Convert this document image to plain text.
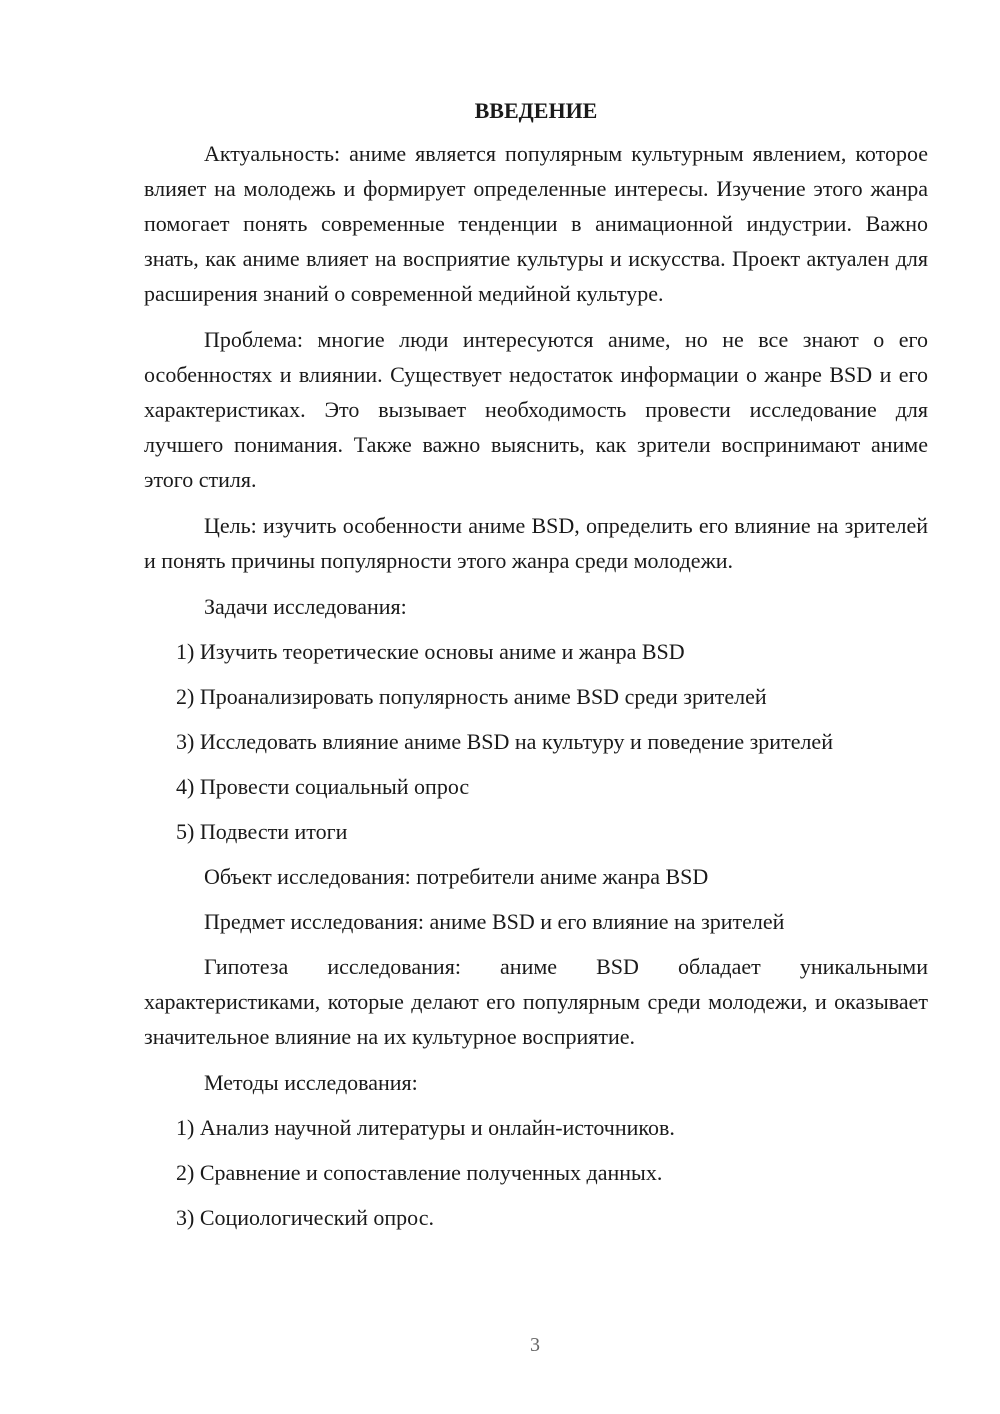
ВВЕДЕНИЕ

Актуальность: аниме является популярным культурным явлением, которое влияет на молодежь и формирует определенные интересы. Изучение этого жанра помогает понять современные тенденции в анимационной индустрии. Важно знать, как аниме влияет на восприятие культуры и искусства. Проект актуален для расширения знаний о современной медийной культуре.

Проблема: многие люди интересуются аниме, но не все знают о его особенностях и влиянии. Существует недостаток информации о жанре BSD и его характеристиках. Это вызывает необходимость провести исследование для лучшего понимания. Также важно выяснить, как зрители воспринимают аниме этого стиля.

Цель: изучить особенности аниме BSD, определить его влияние на зрителей и понять причины популярности этого жанра среди молодежи.

Задачи исследования:
1) Изучить теоретические основы аниме и жанра BSD
2) Проанализировать популярность аниме BSD среди зрителей
3) Исследовать влияние аниме BSD на культуру и поведение зрителей
4) Провести социальный опрос
5) Подвести итоги
Объект исследования: потребители аниме жанра BSD
Предмет исследования: аниме BSD и его влияние на зрителей

Гипотеза исследования: аниме BSD обладает уникальными характеристиками, которые делают его популярным среди молодежи, и оказывает значительное влияние на их культурное восприятие.

Методы исследования:
1) Анализ научной литературы и онлайн-источников.
2) Сравнение и сопоставление полученных данных.
3) Социологический опрос.
3
